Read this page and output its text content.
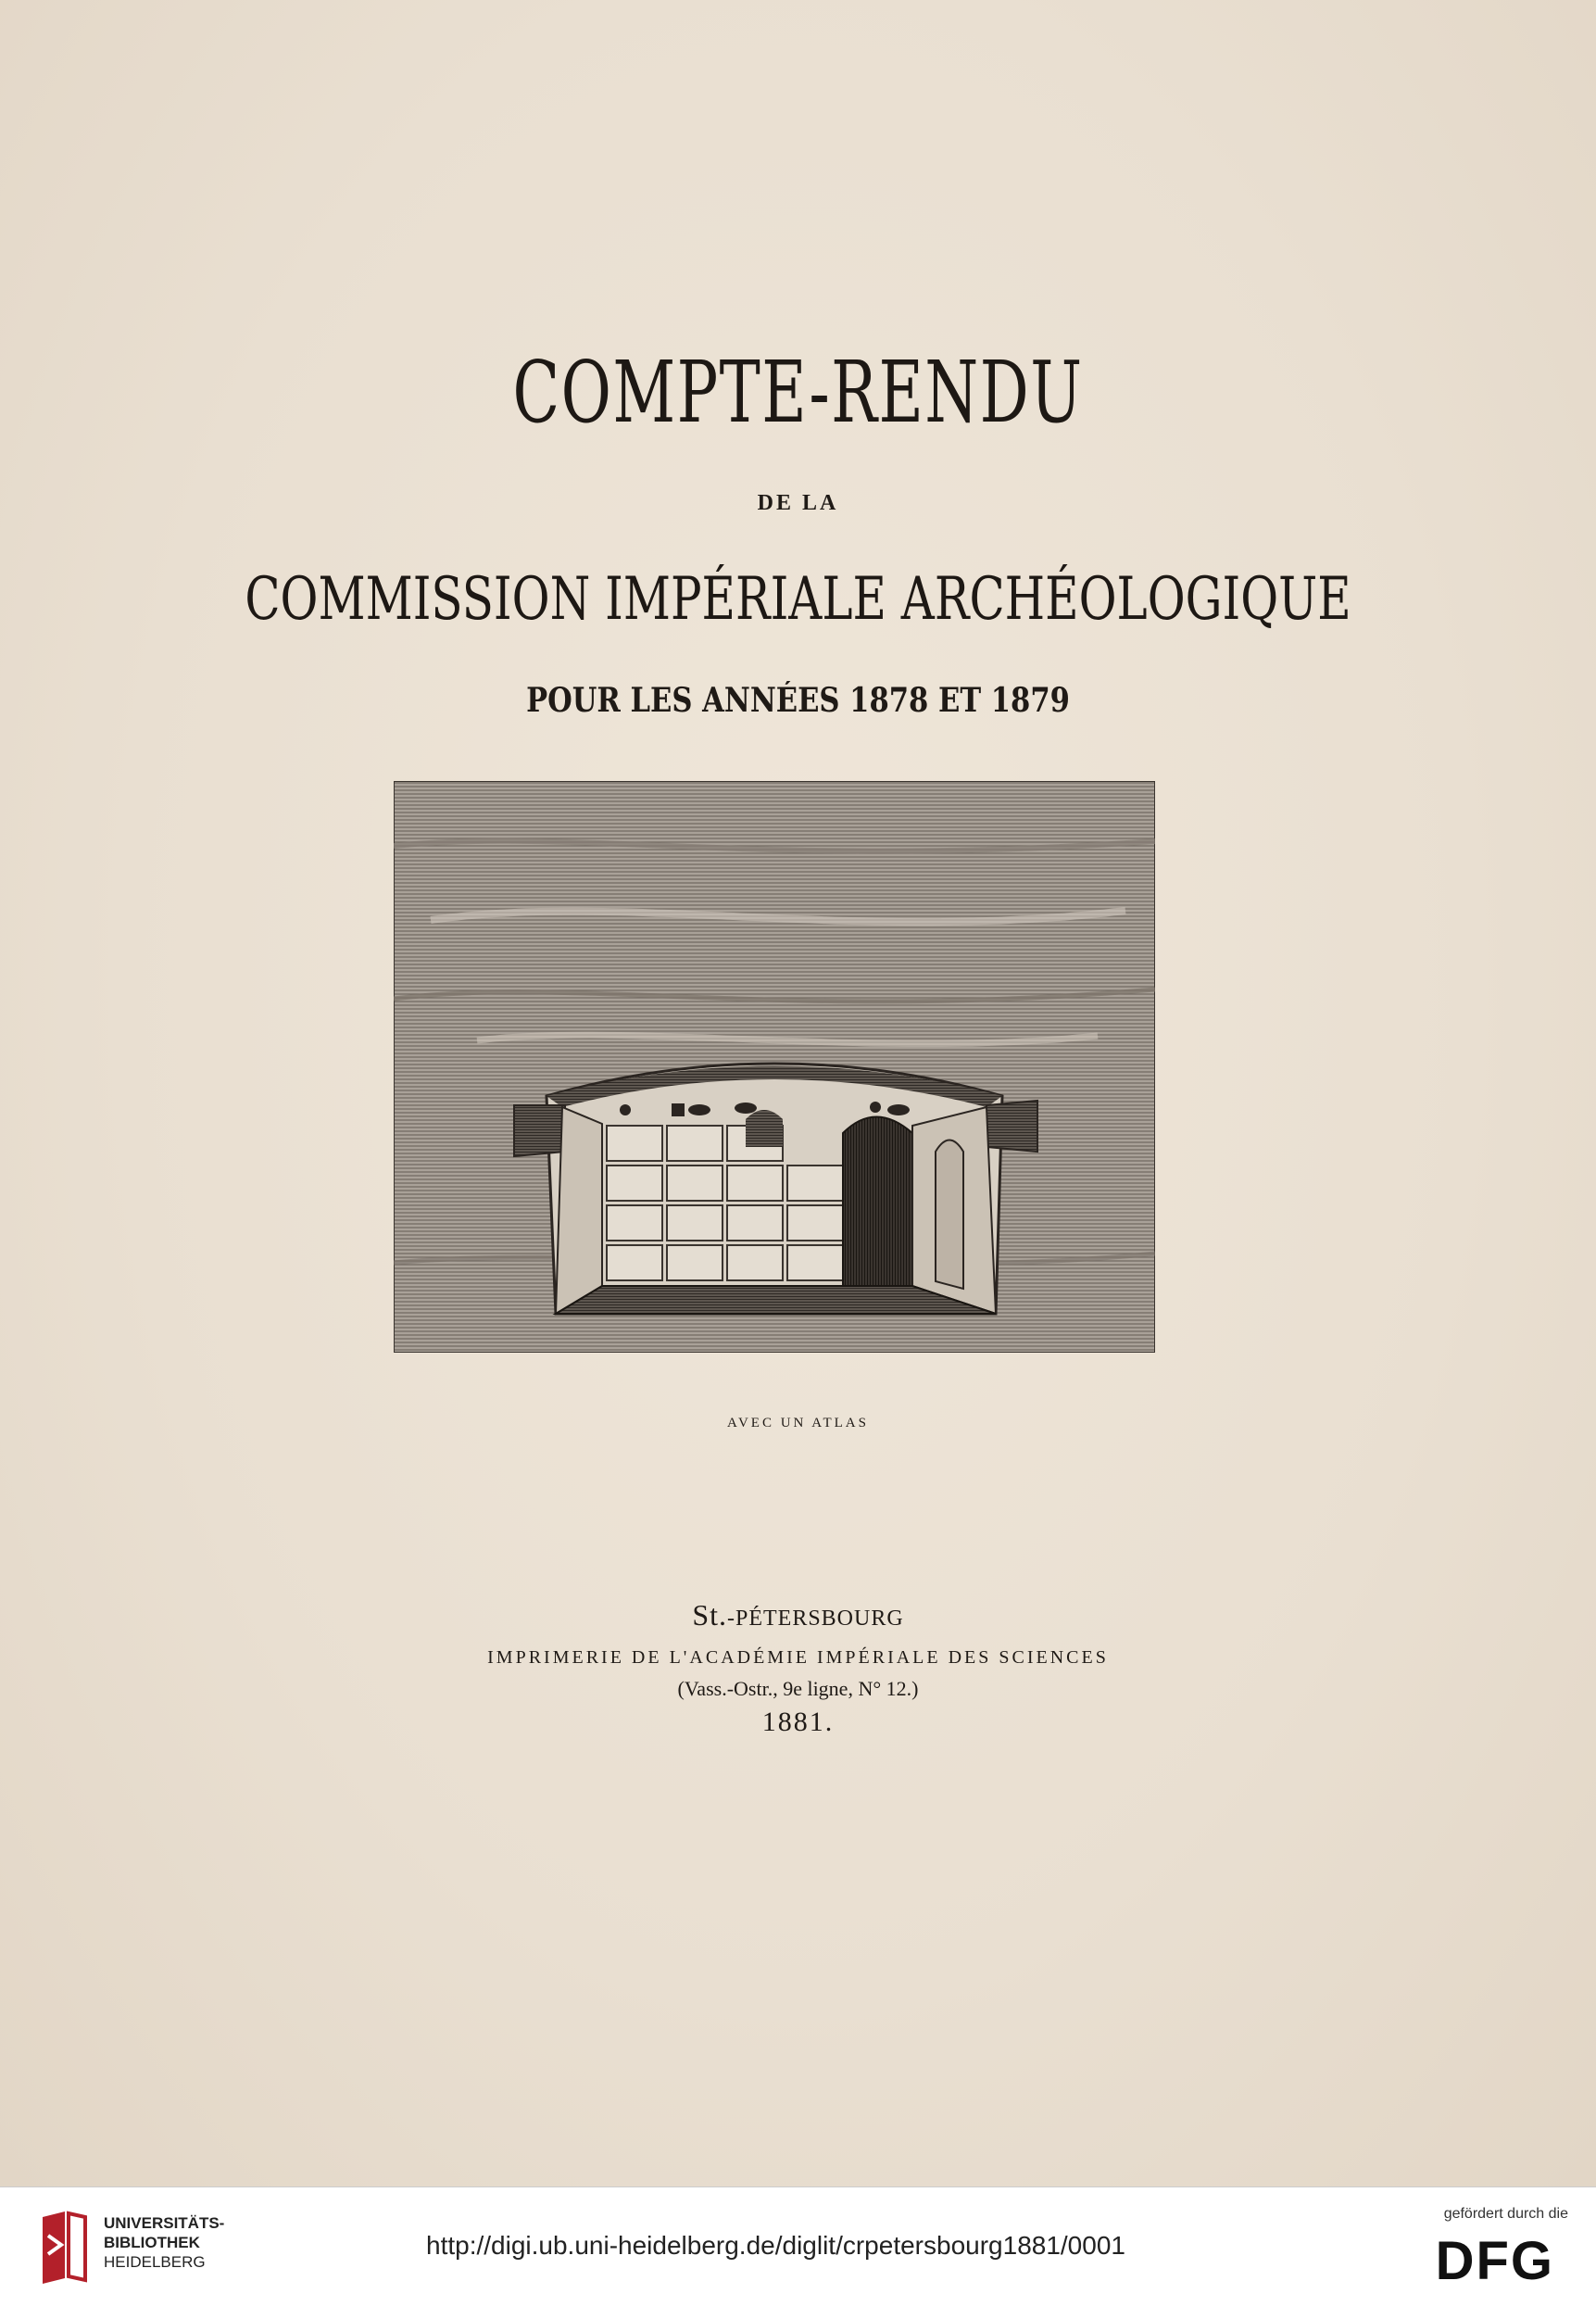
COMPTE-RENDU
DE LA
COMMISSION IMPÉRIALE ARCHÉOLOGIQUE
POUR LES ANNÉES 1878 ET 1879
AVEC UN ATLAS
St.-PÉTERSBOURG
IMPRIMERIE DE L'ACADÉMIE IMPÉRIALE DES SCIENCES
(Vass.-Ostr., 9e ligne, N° 12.)
1881.
UNIVERSITÄTS-
BIBLIOTHEK
HEIDELBERG
http://digi.ub.uni-heidelberg.de/diglit/crpetersbourg1881/0001
gefördert durch die
DFG
